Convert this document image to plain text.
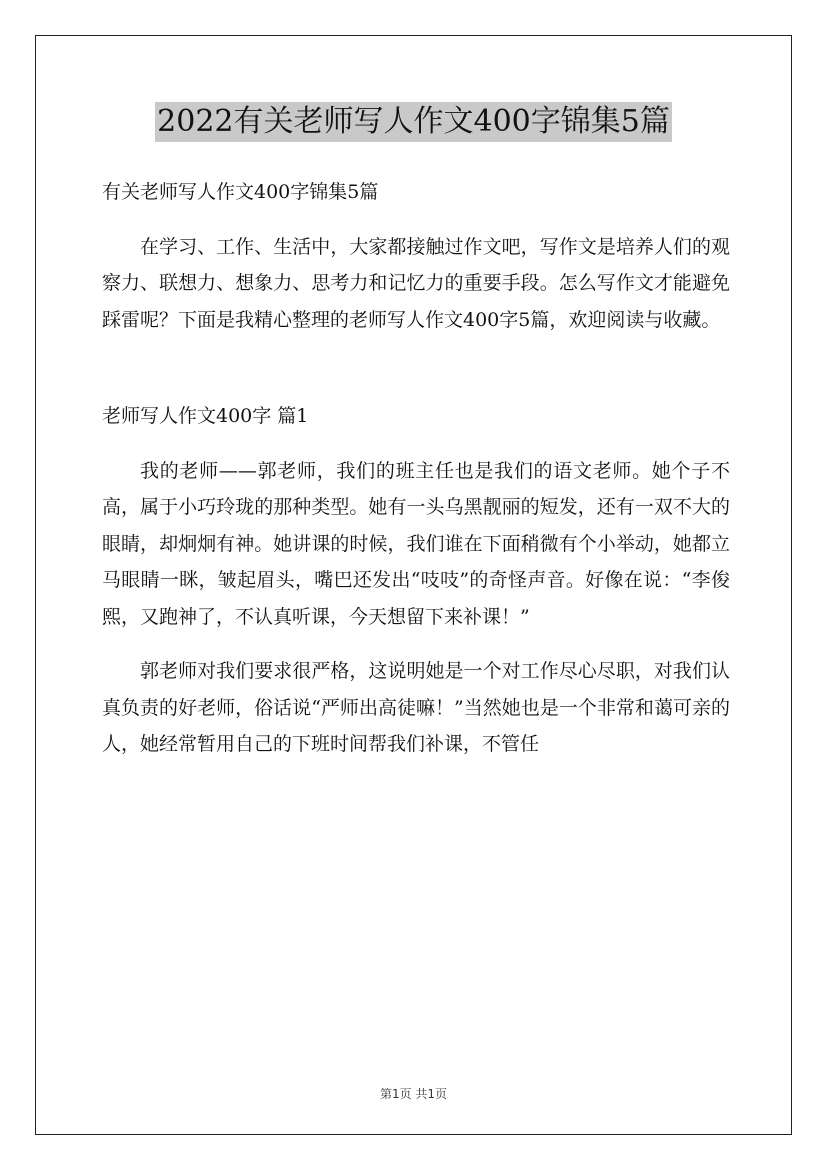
2022有关老师写人作文400字锦集5篇

有关老师写人作文400字锦集5篇

在学习、工作、生活中，大家都接触过作文吧，写作文是培养人们的观察力、联想力、想象力、思考力和记忆力的重要手段。怎么写作文才能避免踩雷呢？下面是我精心整理的老师写人作文400字5篇，欢迎阅读与收藏。

老师写人作文400字 篇1

我的老师——郭老师，我们的班主任也是我们的语文老师。她个子不高，属于小巧玲珑的那种类型。她有一头乌黑靓丽的短发，还有一双不大的眼睛，却炯炯有神。她讲课的时候，我们谁在下面稍微有个小举动，她都立马眼睛一眯，皱起眉头，嘴巴还发出“吱吱”的奇怪声音。好像在说：“李俊熙，又跑神了，不认真听课，今天想留下来补课！”

郭老师对我们要求很严格，这说明她是一个对工作尽心尽职，对我们认真负责的好老师，俗话说“严师出高徒嘛！”当然她也是一个非常和蔼可亲的人，她经常暂用自己的下班时间帮我们补课，不管任

第1页 共1页
